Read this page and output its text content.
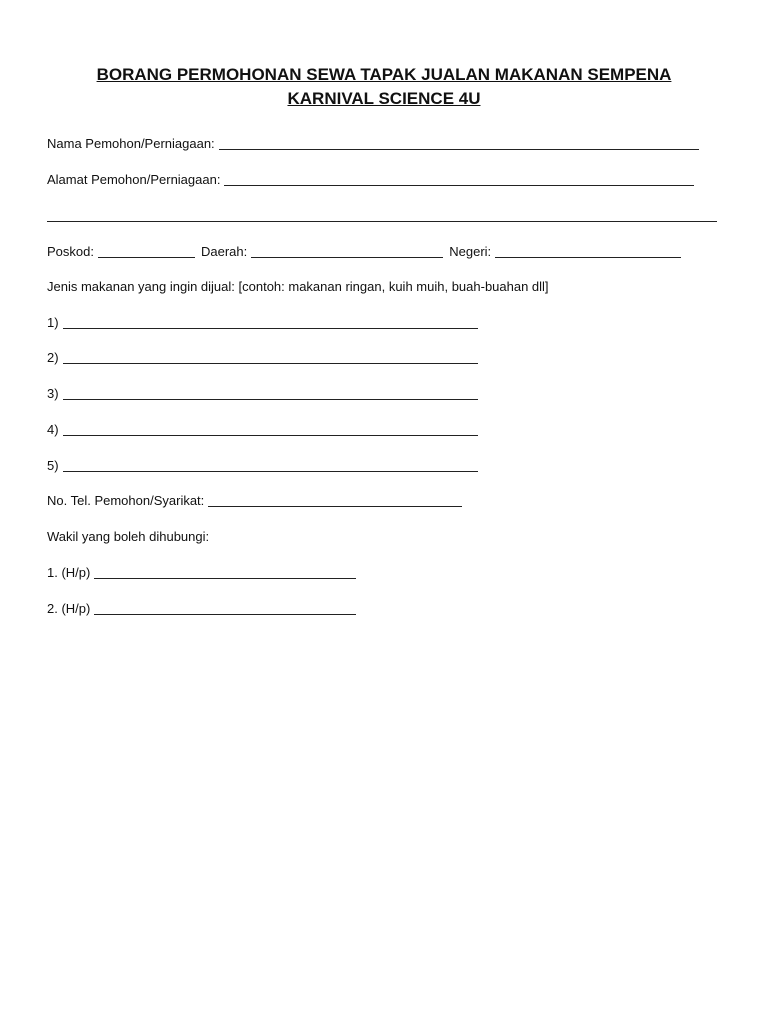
BORANG PERMOHONAN SEWA TAPAK JUALAN MAKANAN SEMPENA
KARNIVAL SCIENCE 4U
Nama Pemohon/Perniagaan:
Alamat Pemohon/Perniagaan:
Poskod:	Daerah:	Negeri:
Jenis makanan yang ingin dijual: [contoh: makanan ringan, kuih muih, buah-buahan dll]
1)
2)
3)
4)
5)
No. Tel. Pemohon/Syarikat:
Wakil yang boleh dihubungi:
1. (H/p)
2. (H/p)
